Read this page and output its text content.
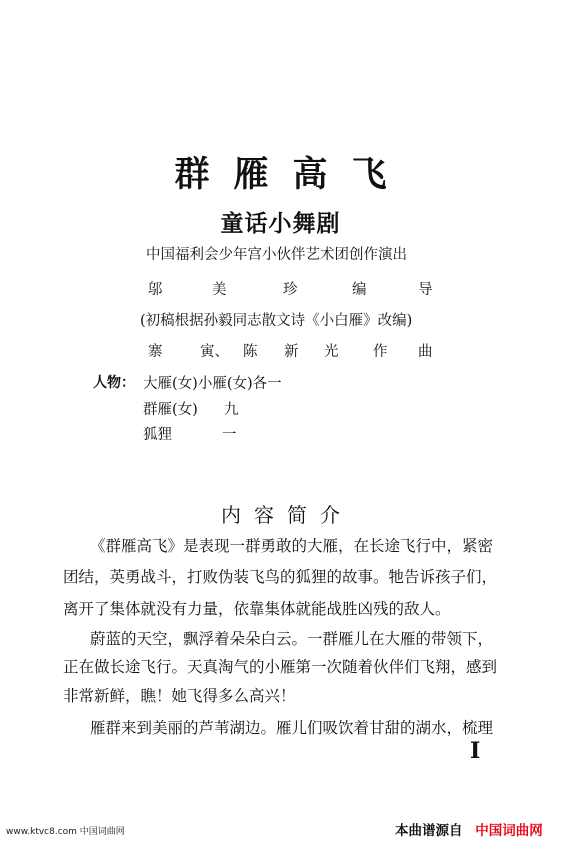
群雁高飞
童话小舞剧
中国福利会少年宫小伙伴艺术团创作演出
邬	美	珍	编	导
(初稿根据孙毅同志散文诗《小白雁》改编)
寨	寅、 陈 新 光 作 曲
人物： 大雁(女)小雁(女)各一
群雁(女) 九
狐狸	一
内容简介
《群雁高飞》是表现一群勇敢的大雁，在长途飞行中，紧密
团结，英勇战斗，打败伪装飞鸟的狐狸的故事。牠告诉孩子们，
离开了集体就没有力量，依靠集体就能战胜凶残的敌人。
蔚蓝的天空，飘浮着朵朵白云。一群雁儿在大雁的带领下，
正在做长途飞行。天真淘气的小雁第一次随着伙伴们飞翔，感到
非常新鲜，瞧！她飞得多么高兴！
雁群来到美丽的芦苇湖边。雁儿们吸饮着甘甜的湖水，梳理
I
www.ktvc8.com 中国词曲网	本曲谱源自 中国词曲网
